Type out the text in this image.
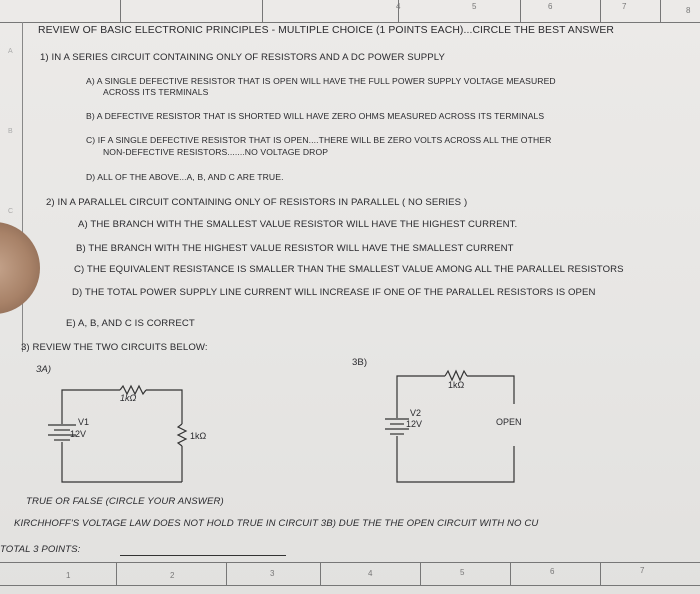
4	5	6	7	8
A
B
C
REVIEW OF BASIC ELECTRONIC PRINCIPLES - MULTIPLE CHOICE (1 POINTS EACH)...CIRCLE THE BEST ANSWER
1) IN A SERIES CIRCUIT CONTAINING ONLY OF RESISTORS AND A DC POWER SUPPLY
A) A SINGLE DEFECTIVE RESISTOR THAT IS OPEN WILL HAVE THE FULL POWER SUPPLY VOLTAGE MEASURED
ACROSS ITS TERMINALS
B) A DEFECTIVE RESISTOR THAT IS SHORTED WILL HAVE ZERO OHMS MEASURED ACROSS ITS TERMINALS
C) IF A SINGLE DEFECTIVE RESISTOR THAT IS OPEN....THERE WILL BE ZERO VOLTS ACROSS ALL THE OTHER
NON-DEFECTIVE RESISTORS.......NO VOLTAGE DROP
D) ALL OF THE ABOVE...A, B, AND C ARE TRUE.
2) IN A PARALLEL CIRCUIT CONTAINING ONLY OF RESISTORS IN PARALLEL ( NO SERIES )
A) THE BRANCH WITH THE SMALLEST VALUE RESISTOR WILL HAVE THE HIGHEST CURRENT.
B) THE BRANCH WITH THE HIGHEST VALUE RESISTOR WILL HAVE THE SMALLEST CURRENT
C) THE EQUIVALENT RESISTANCE IS SMALLER THAN THE SMALLEST VALUE AMONG ALL THE PARALLEL RESISTORS
D) THE TOTAL POWER SUPPLY LINE CURRENT WILL INCREASE IF ONE OF THE PARALLEL RESISTORS IS OPEN
E) A, B, AND C IS CORRECT
3) REVIEW THE TWO CIRCUITS BELOW:
3A)
3B)
1kΩ
V1
12V	1kΩ
1kΩ
V2
12V	OPEN
TRUE OR FALSE (CIRCLE YOUR ANSWER)
KIRCHHOFF'S VOLTAGE LAW DOES NOT HOLD TRUE IN CIRCUIT 3B) DUE THE THE OPEN CIRCUIT WITH NO CU
TOTAL 3 POINTS:
1	2	3	4	5	6	7
